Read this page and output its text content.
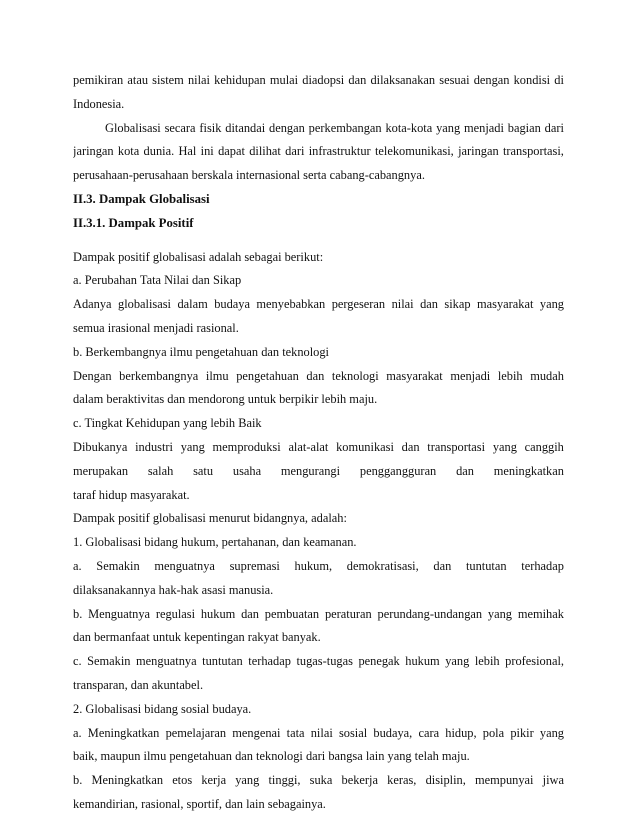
pemikiran atau sistem nilai kehidupan mulai diadopsi dan dilaksanakan sesuai dengan kondisi di
Indonesia.
Globalisasi secara fisik ditandai dengan perkembangan kota-kota yang menjadi bagian dari
jaringan kota dunia. Hal ini dapat dilihat dari infrastruktur telekomunikasi, jaringan transportasi,
perusahaan-perusahaan berskala internasional serta cabang-cabangnya.
II.3. Dampak Globalisasi
II.3.1. Dampak Positif
Dampak positif globalisasi adalah sebagai berikut:
a. Perubahan Tata Nilai dan Sikap
Adanya globalisasi dalam budaya menyebabkan pergeseran nilai dan sikap masyarakat yang
semua irasional menjadi rasional.
b. Berkembangnya ilmu pengetahuan dan teknologi
Dengan berkembangnya ilmu pengetahuan dan teknologi masyarakat menjadi lebih mudah
dalam beraktivitas dan mendorong untuk berpikir lebih maju.
c. Tingkat Kehidupan yang lebih Baik
Dibukanya industri yang memproduksi alat-alat komunikasi dan transportasi yang canggih
merupakan salah satu usaha mengurangi penggangguran dan meningkatkan
taraf hidup masyarakat.
Dampak positif globalisasi menurut bidangnya, adalah:
1. Globalisasi bidang hukum, pertahanan, dan keamanan.
a. Semakin menguatnya supremasi hukum, demokratisasi, dan tuntutan terhadap
dilaksanakannya hak-hak asasi manusia.
b. Menguatnya regulasi hukum dan pembuatan peraturan perundang-undangan yang memihak
dan bermanfaat untuk kepentingan rakyat banyak.
c. Semakin menguatnya tuntutan terhadap tugas-tugas penegak hukum yang lebih profesional,
transparan, dan akuntabel.
2. Globalisasi bidang sosial budaya.
a. Meningkatkan pemelajaran mengenai tata nilai sosial budaya, cara hidup, pola pikir yang
baik, maupun ilmu pengetahuan dan teknologi dari bangsa lain yang telah maju.
b. Meningkatkan etos kerja yang tinggi, suka bekerja keras, disiplin, mempunyai jiwa
kemandirian, rasional, sportif, dan lain sebagainya.
